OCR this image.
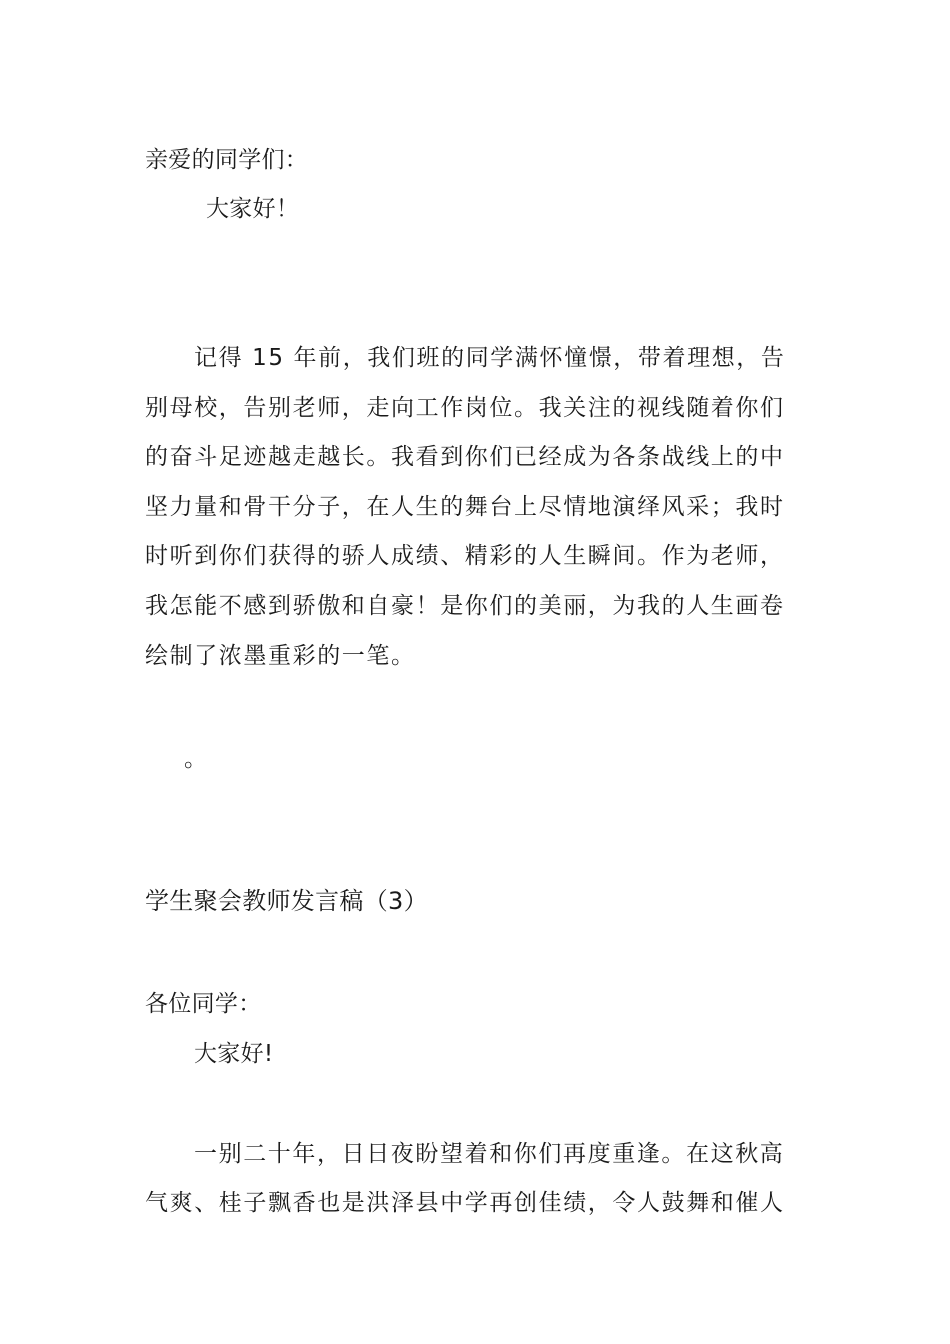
亲爱的同学们：
大家好！
记得 15 年前，我们班的同学满怀憧憬，带着理想，告
别母校，告别老师，走向工作岗位。我关注的视线随着你们
的奋斗足迹越走越长。我看到你们已经成为各条战线上的中
坚力量和骨干分子，在人生的舞台上尽情地演绎风采；我时
时听到你们获得的骄人成绩、精彩的人生瞬间。作为老师，
我怎能不感到骄傲和自豪！是你们的美丽，为我的人生画卷
绘制了浓墨重彩的一笔。
。
学生聚会教师发言稿（3）
各位同学：
大家好!
一别二十年，日日夜盼望着和你们再度重逢。在这秋高
气爽、桂子飘香也是洪泽县中学再创佳绩，令人鼓舞和催人
